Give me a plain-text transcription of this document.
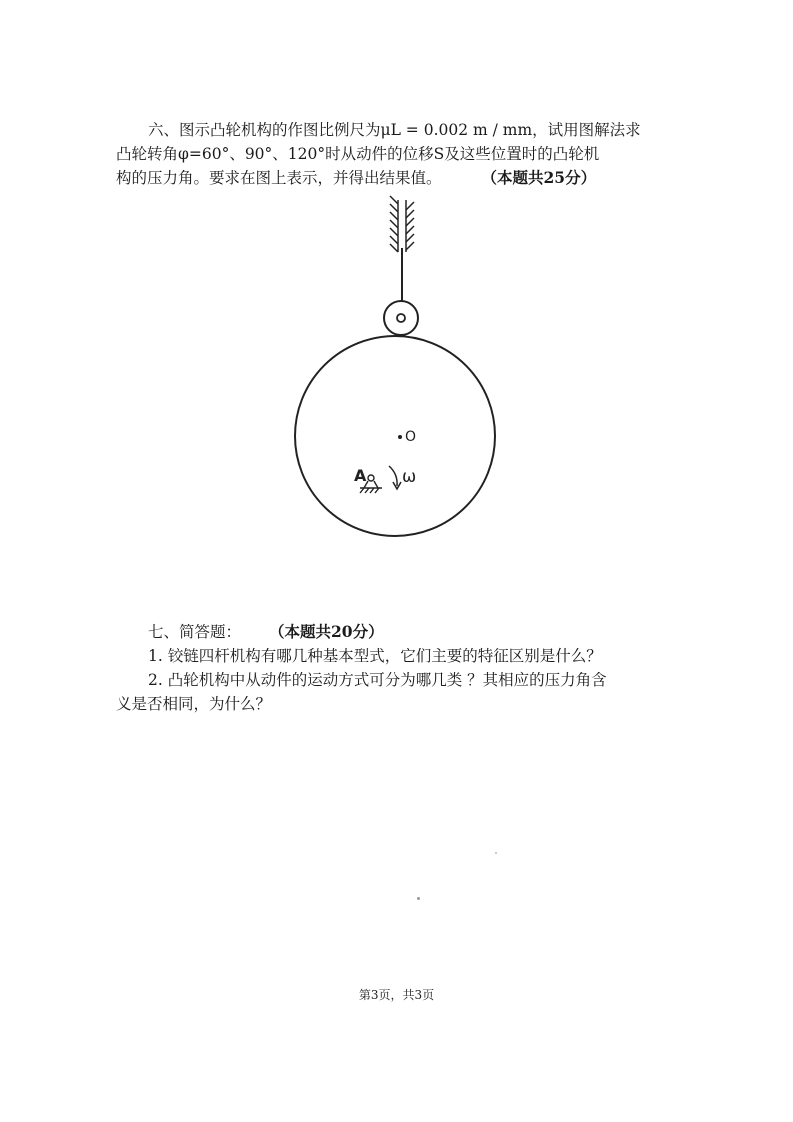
六、图示凸轮机构的作图比例尺为μL = 0.002 m / mm，试用图解法求
凸轮转角φ=60°、90°、120°时从动件的位移S及这些位置时的凸轮机
构的压力角。要求在图上表示，并得出结果值。	（本题共25分）
O
A ω
七、简答题： （本题共20分）
1. 铰链四杆机构有哪几种基本型式，它们主要的特征区别是什么？
2. 凸轮机构中从动件的运动方式可分为哪几类 ？其相应的压力角含
义是否相同，为什么？
第3页，共3页
